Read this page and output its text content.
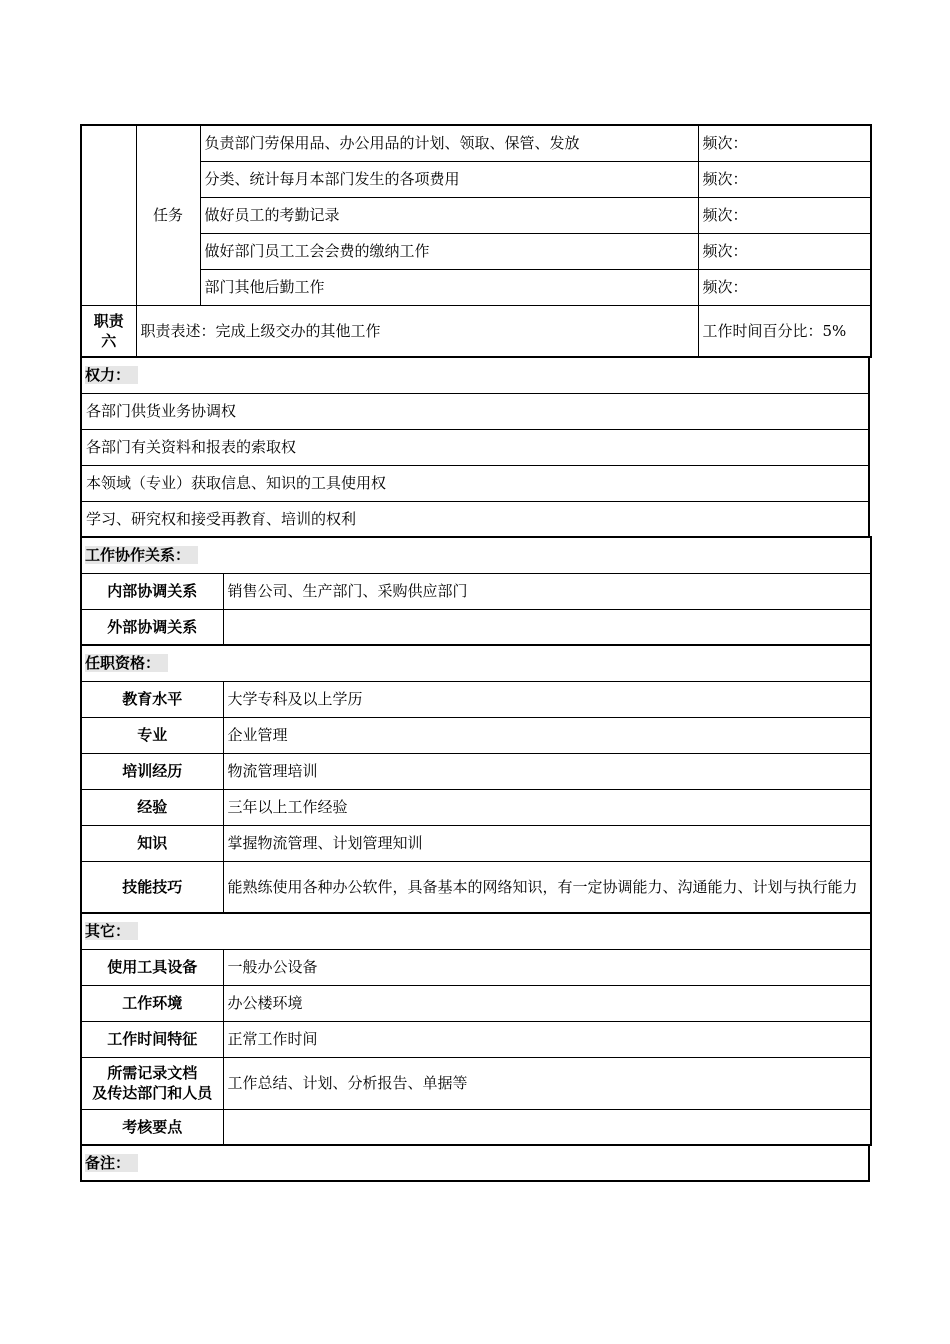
	任务	负责部门劳保用品、办公用品的计划、领取、保管、发放	频次：
		分类、统计每月本部门发生的各项费用	频次：
		做好员工的考勤记录	频次：
		做好部门员工工会会费的缴纳工作	频次：
		部门其他后勤工作	频次：

职责
六	职责表述：完成上级交办的其他工作		工作时间百分比：5%
权力：
各部门供货业务协调权
各部门有关资料和报表的索取权
本领域（专业）获取信息、知识的工具使用权
学习、研究权和接受再教育、培训的权利
工作协作关系：	
内部协调关系	销售公司、生产部门、采购供应部门
外部协调关系	
任职资格：	
教育水平	大学专科及以上学历
专业	企业管理
培训经历	物流管理培训
经验	三年以上工作经验
知识	掌握物流管理、计划管理知训
技能技巧	能熟练使用各种办公软件，具备基本的网络知识，有一定协调能力、沟通能力、计划与执行能力
其它：	
使用工具设备	一般办公设备
工作环境	办公楼环境
工作时间特征	正常工作时间

所需记录文档
及传达部门和人员	工作总结、计划、分析报告、单据等
考核要点	
备注：
